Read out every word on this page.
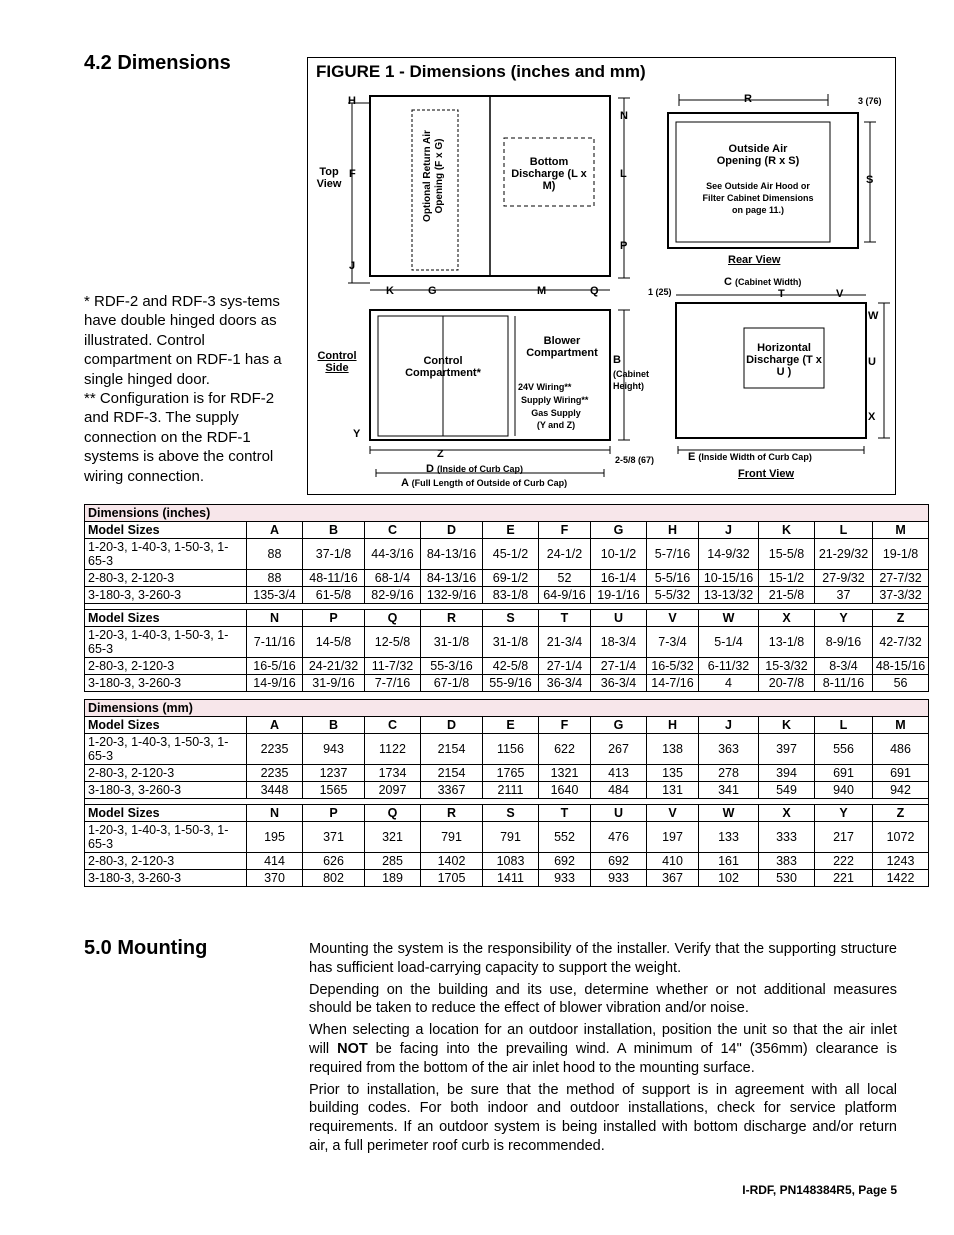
4.2 Dimensions

* RDF-2 and RDF-3 sys-tems have double hinged doors as illustrated. Control compartment on RDF-1 has a single hinged door.

** Configuration is for RDF-2 and RDF-3. The supply connection on the RDF-1 systems is above the control wiring connection.

FIGURE 1 - Dimensions (inches and mm)
Top View
H
F
J
K	G	M	Q
N
L
P
Optional Return Air Opening (F x G)	Bottom Discharge (L x M)
R	3 (76)
S
Outside Air Opening (R x S)
See Outside Air Hood or Filter Cabinet Dimensions on page 11.)
Rear View
C (Cabinet Width)
T	V
1 (25)
W
U
X
Horizontal Discharge (T x U )
Control Side
Control Compartment*
Blower Compartment
24V Wiring**
Supply Wiring**
Gas Supply (Y and Z)
B
(Cabinet Height)
2-5/8 (67)
Y
Z
D (Inside of Curb Cap)
A (Full Length of Outside of Curb Cap)
E (Inside Width of Curb Cap)
Front View
Dimensions (inches)												
Model Sizes	A	B	C	D	E	F	G	H	J	K	L	M
1-20-3, 1-40-3, 1-50-3, 1-65-3	88	37-1/8	44-3/16	84-13/16	45-1/2	24-1/2	10-1/2	5-7/16	14-9/32	15-5/8	21-29/32	19-1/8
2-80-3, 2-120-3	88	48-11/16	68-1/4	84-13/16	69-1/2	52	16-1/4	5-5/16	10-15/16	15-1/2	27-9/32	27-7/32
3-180-3, 3-260-3	135-3/4	61-5/8	82-9/16	132-9/16	83-1/8	64-9/16	19-1/16	5-5/32	13-13/32	21-5/8	37	37-3/32

Model Sizes	N	P	Q	R	S	T	U	V	W	X	Y	Z
1-20-3, 1-40-3, 1-50-3, 1-65-3	7-11/16	14-5/8	12-5/8	31-1/8	31-1/8	21-3/4	18-3/4	7-3/4	5-1/4	13-1/8	8-9/16	42-7/32
2-80-3, 2-120-3	16-5/16	24-21/32	11-7/32	55-3/16	42-5/8	27-1/4	27-1/4	16-5/32	6-11/32	15-3/32	8-3/4	48-15/16
3-180-3, 3-260-3	14-9/16	31-9/16	7-7/16	67-1/8	55-9/16	36-3/4	36-3/4	14-7/16	4	20-7/8	8-11/16	56
Dimensions (mm)												
Model Sizes	A	B	C	D	E	F	G	H	J	K	L	M
1-20-3, 1-40-3, 1-50-3, 1-65-3	2235	943	1122	2154	1156	622	267	138	363	397	556	486
2-80-3, 2-120-3	2235	1237	1734	2154	1765	1321	413	135	278	394	691	691
3-180-3, 3-260-3	3448	1565	2097	3367	2111	1640	484	131	341	549	940	942

Model Sizes	N	P	Q	R	S	T	U	V	W	X	Y	Z
1-20-3, 1-40-3, 1-50-3, 1-65-3	195	371	321	791	791	552	476	197	133	333	217	1072
2-80-3, 2-120-3	414	626	285	1402	1083	692	692	410	161	383	222	1243
3-180-3, 3-260-3	370	802	189	1705	1411	933	933	367	102	530	221	1422
5.0 Mounting	Mounting the system is the responsibility of the installer. Verify that the supporting structure has sufficient load-carrying capacity to support the weight.

Depending on the building and its use, determine whether or not additional measures should be taken to reduce the effect of blower vibration and/or noise.

When selecting a location for an outdoor installation, position the unit so that the air inlet will NOT be facing into the prevailing wind. A minimum of 14" (356mm) clearance is required from the bottom of the air inlet hood to the mounting surface.

Prior to installation, be sure that the method of support is in agreement with all local building codes. For both indoor and outdoor installations, check for service platform requirements. If an outdoor system is being installed with bottom discharge and/or return air, a full perimeter roof curb is recommended.

I-RDF, PN148384R5, Page 5
